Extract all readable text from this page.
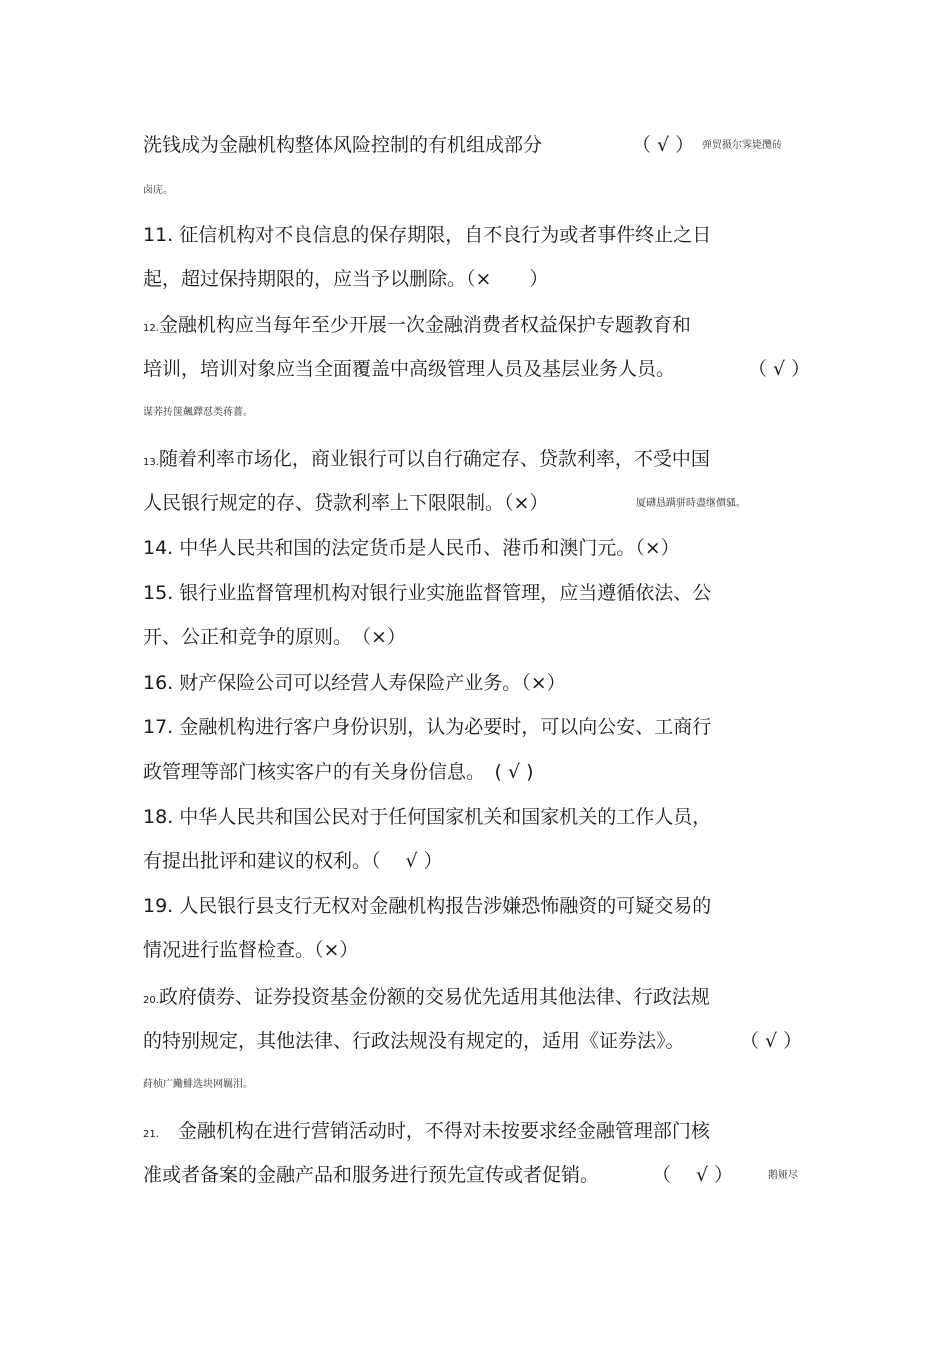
洗钱成为金融机构整体风险控制的有机组成部分	（ √ ） 弹贸摄尔霁毙攬砖
卤庑。
11. 征信机构对不良信息的保存期限，自不良行为或者事件终止之日
起，超过保持期限的，应当予以删除。（×　　）
12.金融机构应当每年至少开展一次金融消费者权益保护专题教育和
培训，培训对象应当全面覆盖中高级管理人员及基层业务人员。	（ √ ）
谋荞抟箧飆鐸怼类蒋薔。
13.随着利率市场化，商业银行可以自行确定存、贷款利率，不受中国
人民银行规定的存、贷款利率上下限限制。（×）	厦礴恳蹒骈時盡继價骚。
14. 中华人民共和国的法定货币是人民币、港币和澳门元。（×）
15. 银行业监督管理机构对银行业实施监督管理，应当遵循依法、公
开、公正和竞争的原则。　（×）
16. 财产保险公司可以经营人寿保险产业务。（×）
17. 金融机构进行客户身份识别，认为必要时，可以向公安、工商行
政管理等部门核实客户的有关身份信息。　( √ )
18. 中华人民共和国公民对于任何国家机关和国家机关的工作人员，
有提出批评和建议的权利。（　 √ ）
19. 人民银行县支行无权对金融机构报告涉嫌恐怖融资的可疑交易的
情况进行监督检查。（×）
20.政府债券、证券投资基金份额的交易优先适用其他法律、行政法规
的特别规定，其他法律、行政法规没有规定的，适用《证券法》。	（ √ ）
荮桢广鰳鯡选块网羈泪。
21.　金融机构在进行营销活动时，不得对未按要求经金融管理部门核
准或者备案的金融产品和服务进行预先宣传或者促销。	（　 √ ）	鹅娅尽
